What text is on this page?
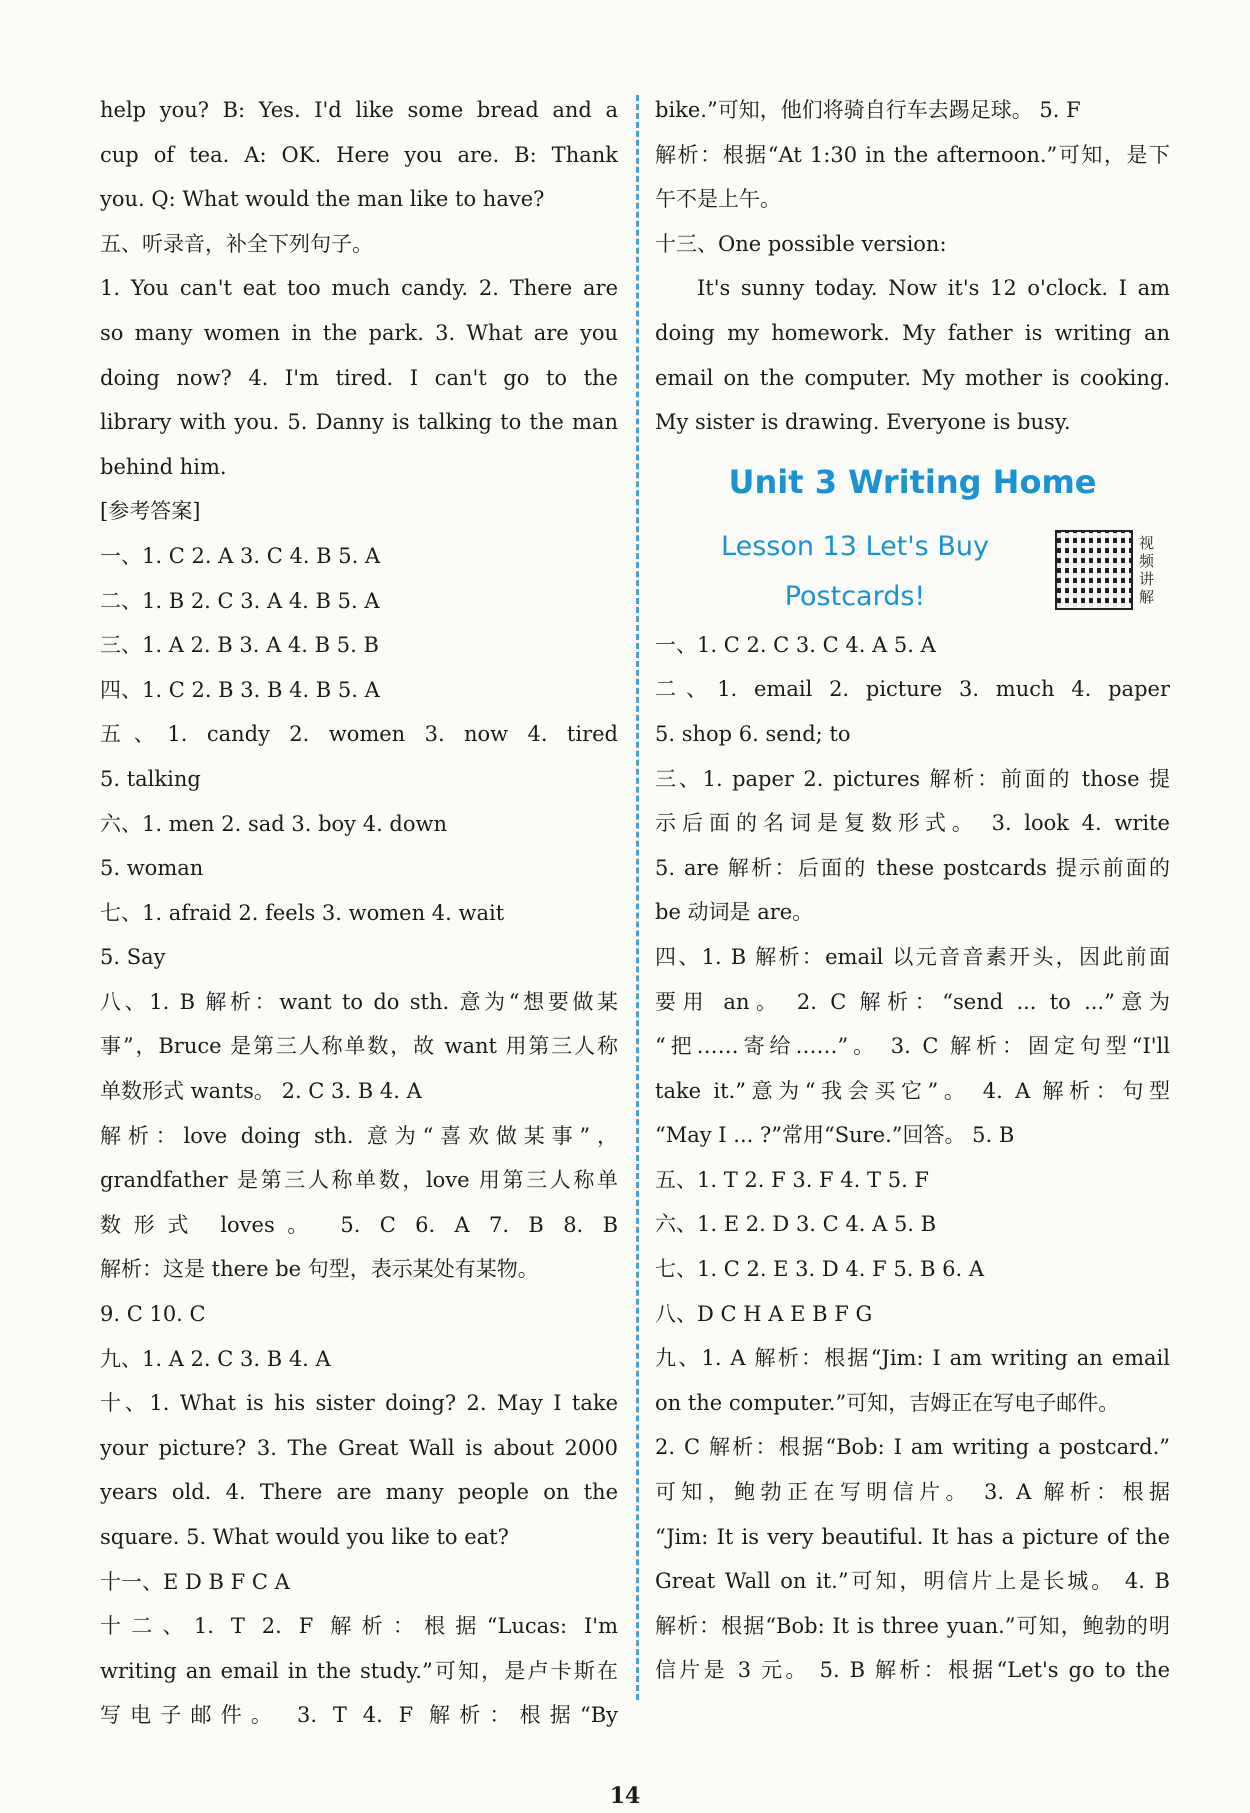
help you? B: Yes. I'd like some bread and a
cup of tea. A: OK. Here you are. B: Thank
you. Q: What would the man like to have?
五、听录音，补全下列句子。
1. You can't eat too much candy. 2. There are
so many women in the park. 3. What are you
doing now? 4. I'm tired. I can't go to the
library with you. 5. Danny is talking to the man
behind him.
[参考答案]
一、1. C 2. A 3. C 4. B 5. A
二、1. B 2. C 3. A 4. B 5. A
三、1. A 2. B 3. A 4. B 5. B
四、1. C 2. B 3. B 4. B 5. A
五、1. candy 2. women 3. now 4. tired
5. talking
六、1. men 2. sad 3. boy 4. down
5. woman
七、1. afraid 2. feels 3. women 4. wait
5. Say
八、1. B 解析：want to do sth. 意为“想要做某
事”，Bruce 是第三人称单数，故 want 用第三人称
单数形式 wants。 2. C 3. B 4. A
解析：love doing sth. 意为“喜欢做某事”，
grandfather 是第三人称单数，love 用第三人称单
数形式 loves。 5. C 6. A 7. B 8. B
解析：这是 there be 句型，表示某处有某物。
9. C 10. C
九、1. A 2. C 3. B 4. A
十、1. What is his sister doing? 2. May I take
your picture? 3. The Great Wall is about 2000
years old. 4. There are many people on the
square. 5. What would you like to eat?
十一、E D B F C A
十二、1. T 2. F 解析：根据“Lucas: I'm
writing an email in the study.”可知，是卢卡斯在
写电子邮件。 3. T 4. F 解析：根据“By
bike.”可知，他们将骑自行车去踢足球。 5. F
解析：根据“At 1:30 in the afternoon.”可知，是下
午不是上午。
十三、One possible version:
It's sunny today. Now it's 12 o'clock. I am
doing my homework. My father is writing an
email on the computer. My mother is cooking.
My sister is drawing. Everyone is busy.
Unit 3 Writing Home
Lesson 13 Let's Buy
Postcards!
视频讲解
一、1. C 2. C 3. C 4. A 5. A
二、1. email 2. picture 3. much 4. paper
5. shop 6. send; to
三、1. paper 2. pictures 解析：前面的 those 提
示后面的名词是复数形式。 3. look 4. write
5. are 解析：后面的 these postcards 提示前面的
be 动词是 are。
四、1. B 解析：email 以元音音素开头，因此前面
要用 an。 2. C 解析：“send ... to ...”意为
“把……寄给……”。 3. C 解析：固定句型“I'll
take it.”意为“我会买它”。 4. A 解析：句型
“May I ... ?”常用“Sure.”回答。 5. B
五、1. T 2. F 3. F 4. T 5. F
六、1. E 2. D 3. C 4. A 5. B
七、1. C 2. E 3. D 4. F 5. B 6. A
八、D C H A E B F G
九、1. A 解析：根据“Jim: I am writing an email
on the computer.”可知，吉姆正在写电子邮件。
2. C 解析：根据“Bob: I am writing a postcard.”
可知，鲍勃正在写明信片。 3. A 解析：根据
“Jim: It is very beautiful. It has a picture of the
Great Wall on it.”可知，明信片上是长城。 4. B
解析：根据“Bob: It is three yuan.”可知，鲍勃的明
信片是 3 元。 5. B 解析：根据“Let's go to the
14
